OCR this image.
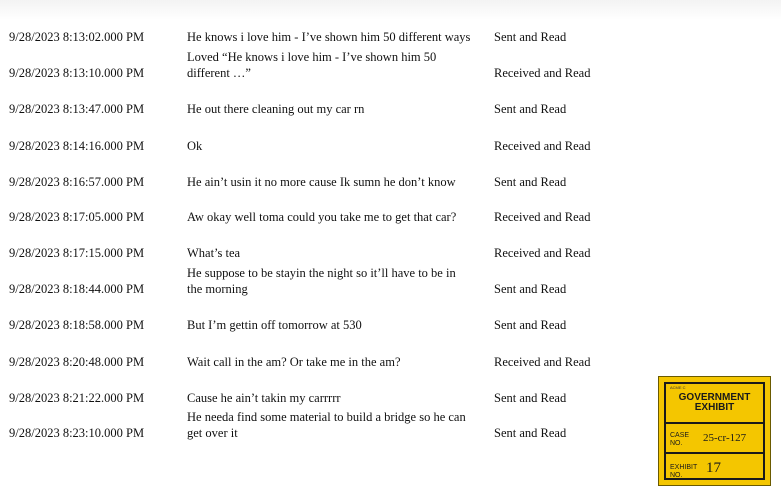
9/28/2023 8:13:02.000 PM	He knows i love him - I’ve shown him 50 different ways Sent and Read
9/28/2023 8:13:10.000 PM
Loved “He knows i love him - I’ve shown him 50
different …”	Received and Read
9/28/2023 8:13:47.000 PM	He out there cleaning out my car rn	Sent and Read
9/28/2023 8:14:16.000 PM	Ok	Received and Read
9/28/2023 8:16:57.000 PM	He ain’t usin it no more cause Ik sumn he don’t know	Sent and Read
9/28/2023 8:17:05.000 PM	Aw okay well toma could you take me to get that car?	Received and Read
9/28/2023 8:17:15.000 PM	What’s tea	Received and Read
9/28/2023 8:18:44.000 PM
He suppose to be stayin the night so it’ll have to be in
the morning	Sent and Read
9/28/2023 8:18:58.000 PM	But I’m gettin off tomorrow at 530	Sent and Read
9/28/2023 8:20:48.000 PM	Wait call in the am? Or take me in the am?	Received and Read
9/28/2023 8:21:22.000 PM	Cause he ain’t takin my carrrrr	Sent and Read
9/28/2023 8:23:10.000 PM
He needa find some material to build a bridge so he can
get over it	Sent and Read
ACME C
GOVERNMENT
EXHIBIT
CASE
NO.	25-cr-127
EXHIBIT
NO.	17
